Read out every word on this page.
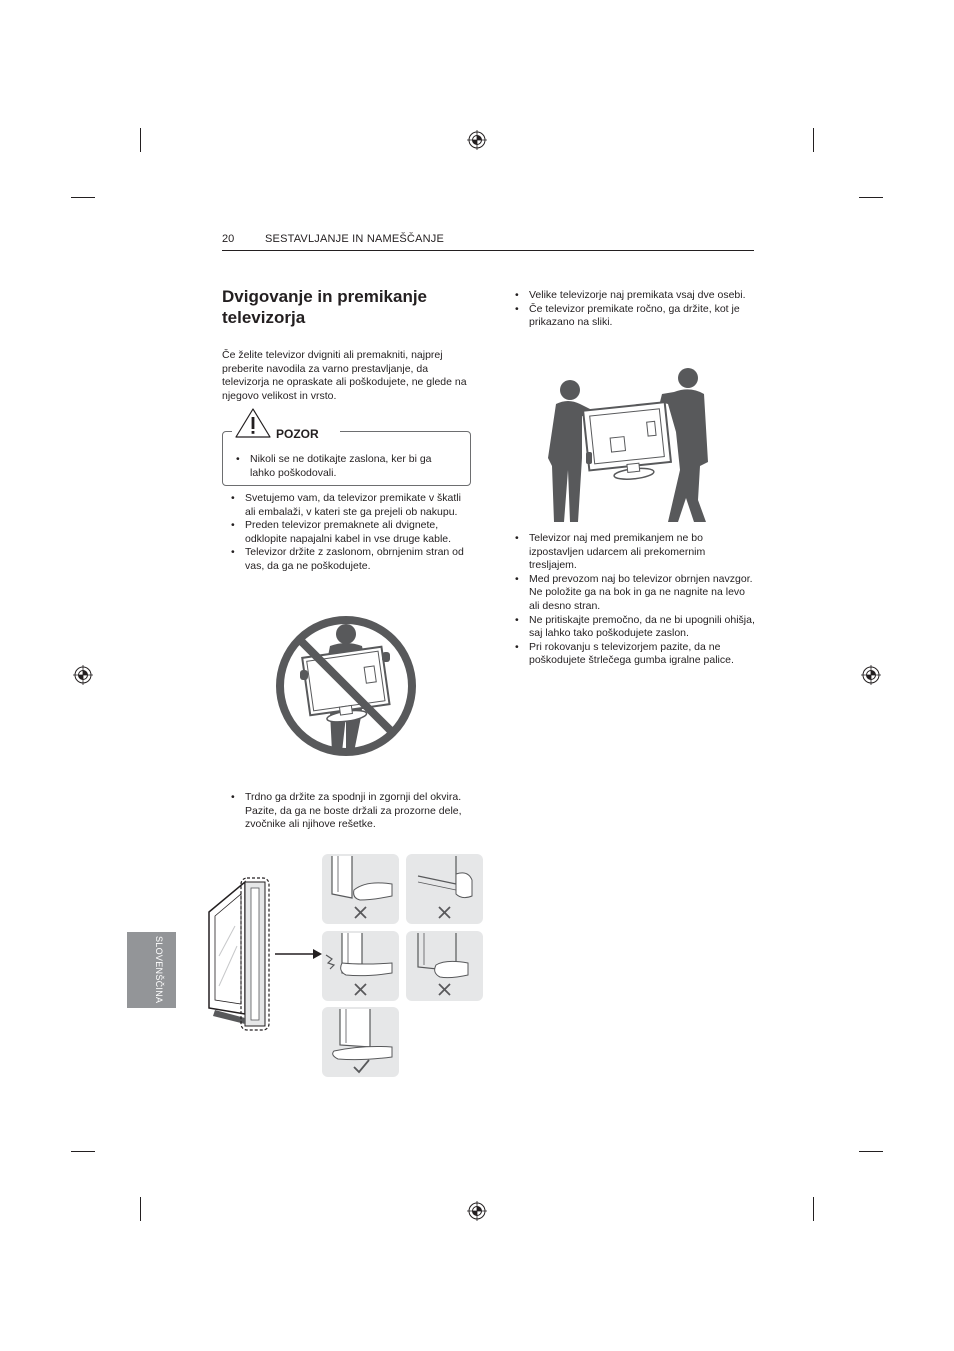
20	SESTAVLJANJE IN NAMEŠČANJE
Dvigovanje in premikanje televizorja
Če želite televizor dvigniti ali premakniti, najprej preberite navodila za varno prestavljanje, da televizorja ne opraskate ali poškodujete, ne glede na njegovo velikost in vrsto.
POZOR
• Nikoli se ne dotikajte zaslona, ker bi ga lahko poškodovali.
• Svetujemo vam, da televizor premikate v škatli ali embalaži, v kateri ste ga prejeli ob nakupu.
• Preden televizor premaknete ali dvignete, odklopite napajalni kabel in vse druge kable.
• Televizor držite z zaslonom, obrnjenim stran od vas, da ga ne poškodujete.
• Trdno ga držite za spodnji in zgornji del okvira. Pazite, da ga ne boste držali za prozorne dele, zvočnike ali njihove rešetke.
• Velike televizorje naj premikata vsaj dve osebi.
• Če televizor premikate ročno, ga držite, kot je prikazano na sliki.
• Televizor naj med premikanjem ne bo izpostavljen udarcem ali prekomernim tresljajem.
• Med prevozom naj bo televizor obrnjen navzgor. Ne položite ga na bok in ga ne nagnite na levo ali desno stran.
• Ne pritiskajte premočno, da ne bi upognili ohišja, saj lahko tako poškodujete zaslon.
• Pri rokovanju s televizorjem pazite, da ne poškodujete štrlečega gumba igralne palice.
SLOVENŠČINA
